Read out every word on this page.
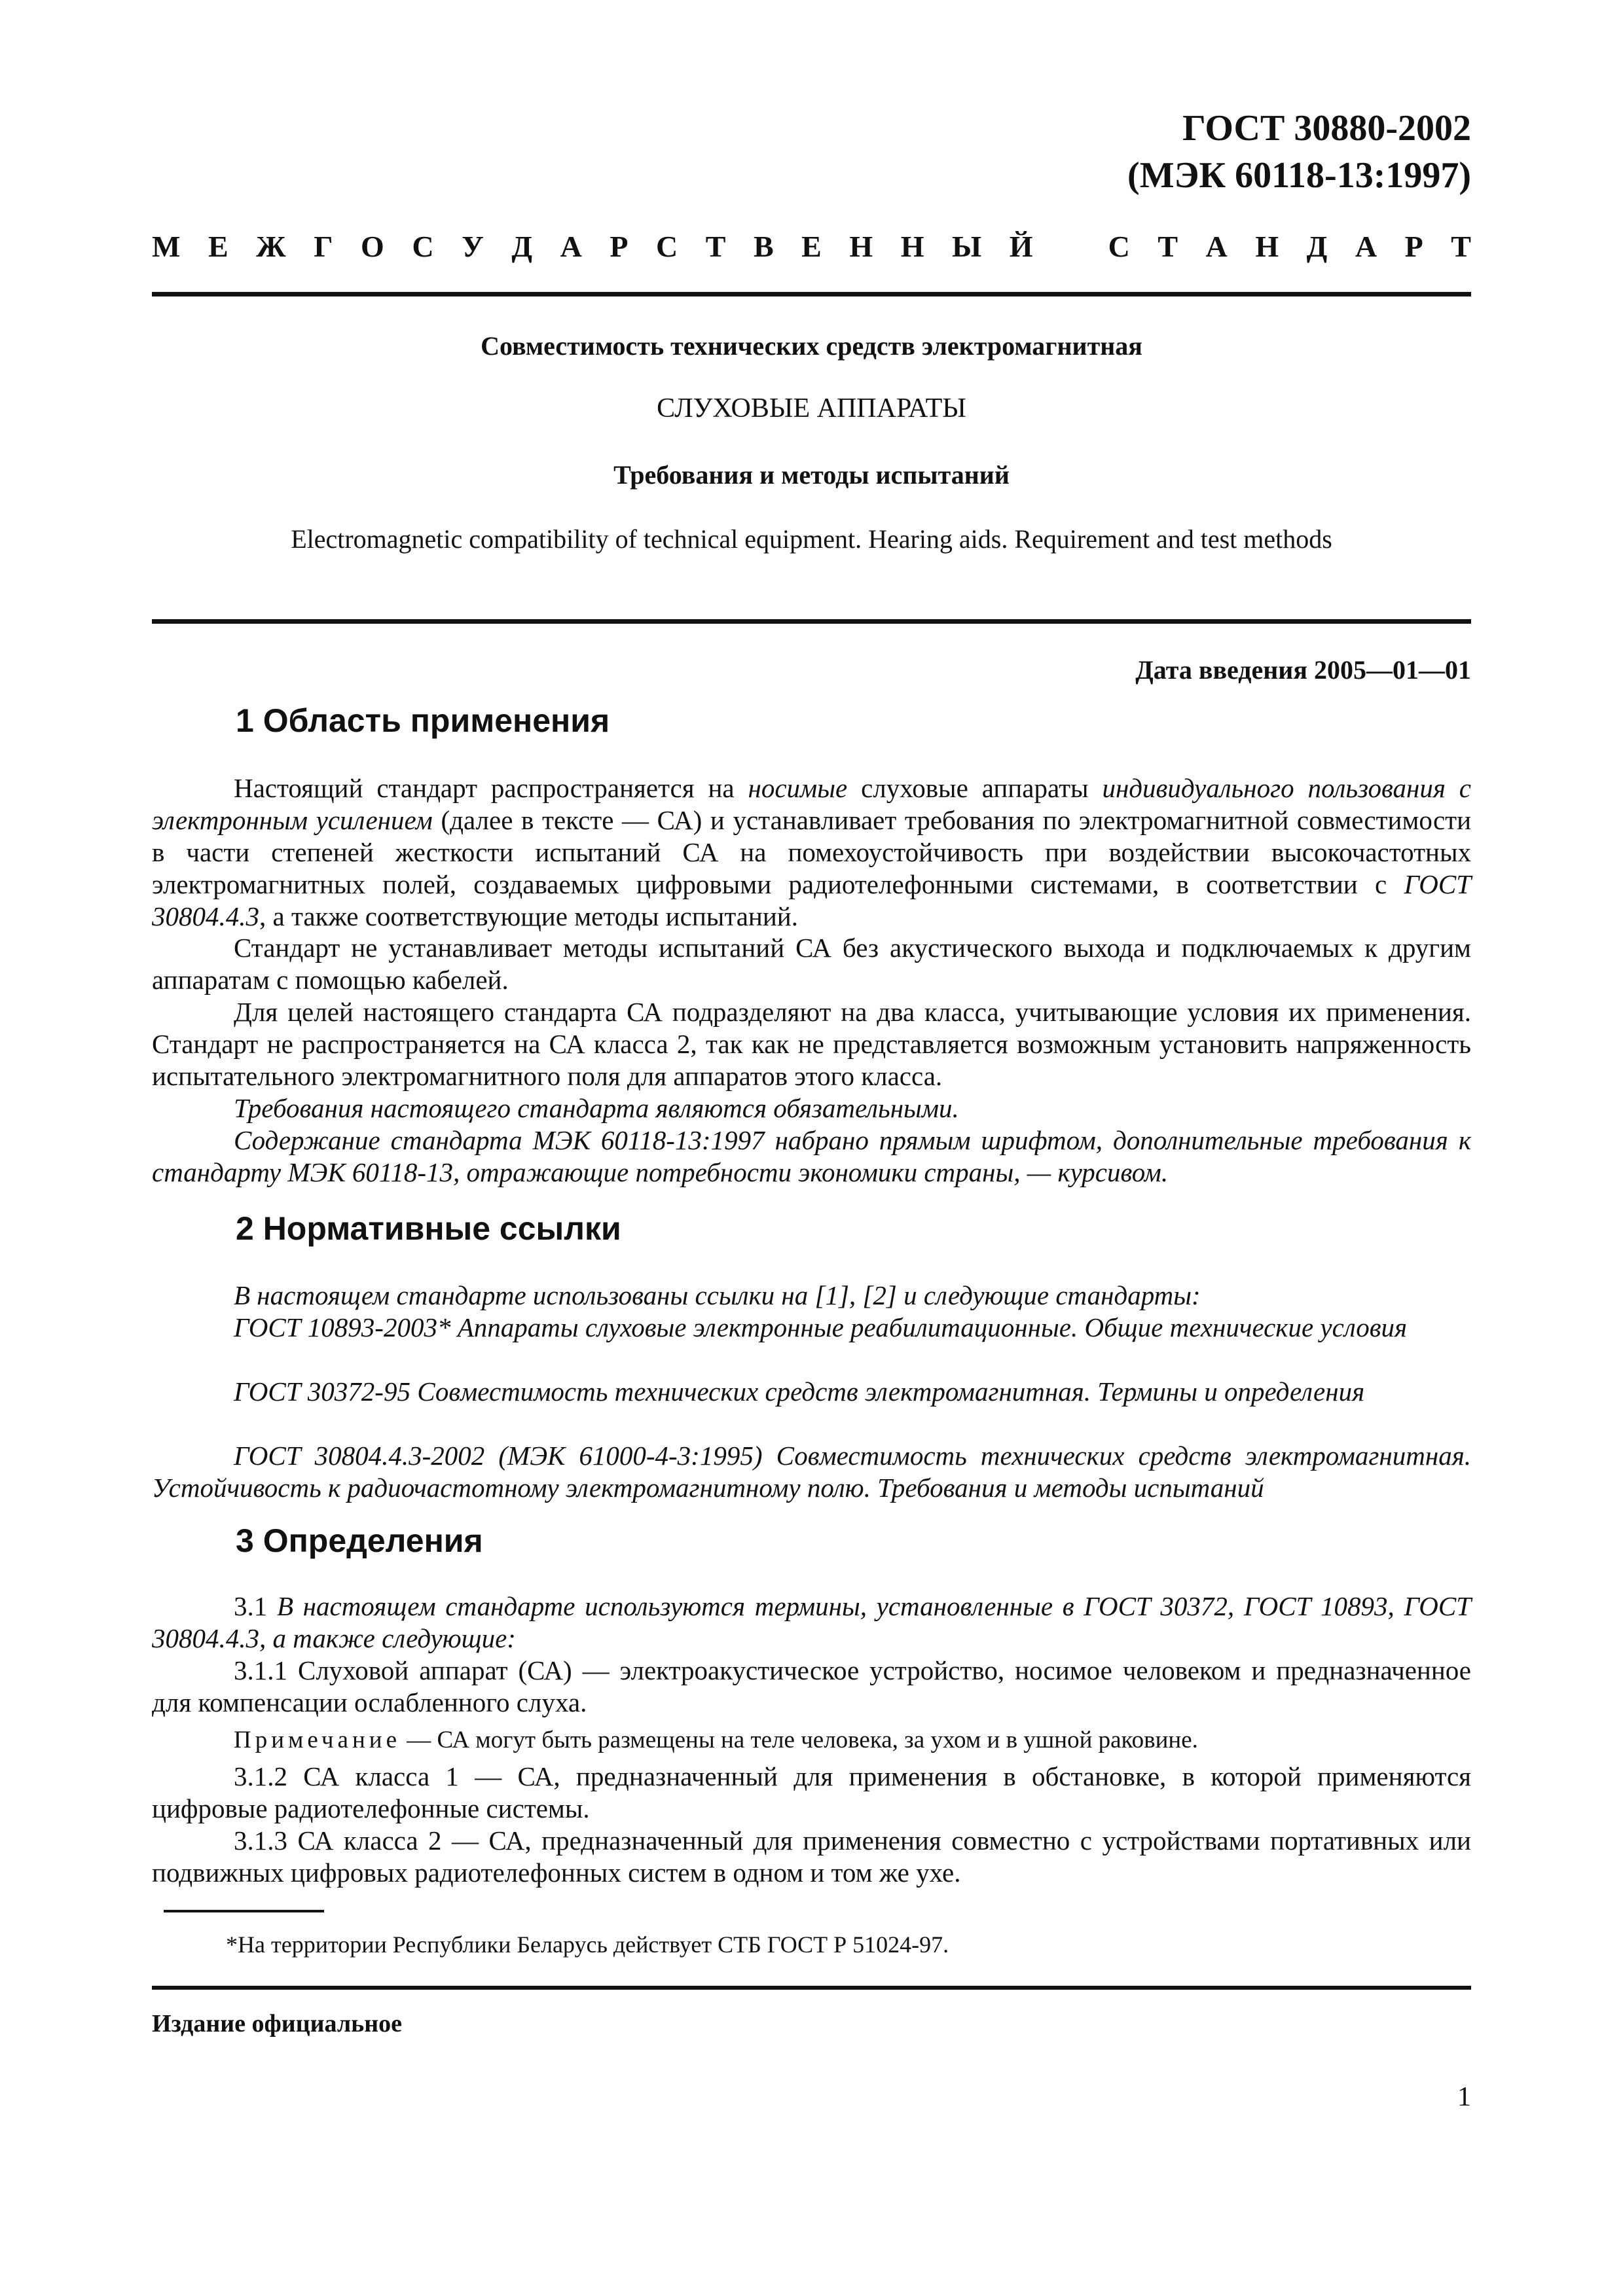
ГОСТ 30880-2002
(МЭК 60118-13:1997)
М Е Ж Г О С У Д А Р С Т В Е Н Н Ы Й	С Т А Н Д А Р Т
Совместимость технических средств электромагнитная
СЛУХОВЫЕ АППАРАТЫ
Требования и методы испытаний
Electromagnetic compatibility of technical equipment. Hearing aids. Requirement and test methods
Дата введения 2005—01—01
1 Область применения
Настоящий стандарт распространяется на носимые слуховые аппараты индивидуального пользования с электронным усилением (далее в тексте — СА) и устанавливает требования по электромагнитной совместимости в части степеней жесткости испытаний СА на помехоустойчивость при воздействии высокочастотных электромагнитных полей, создаваемых цифровыми радиотелефонными системами, в соответствии с ГОСТ 30804.4.3, а также соответствующие методы испытаний.
Стандарт не устанавливает методы испытаний СА без акустического выхода и подключаемых к другим аппаратам с помощью кабелей.
Для целей настоящего стандарта СА подразделяют на два класса, учитывающие условия их применения. Стандарт не распространяется на СА класса 2, так как не представляется возможным установить напряженность испытательного электромагнитного поля для аппаратов этого класса.
Требования настоящего стандарта являются обязательными.
Содержание стандарта МЭК 60118-13:1997 набрано прямым шрифтом, дополнительные требования к стандарту МЭК 60118-13, отражающие потребности экономики страны, — курсивом.
2 Нормативные ссылки
В настоящем стандарте использованы ссылки на [1], [2] и следующие стандарты:
ГОСТ 10893-2003* Аппараты слуховые электронные реабилитационные. Общие технические условия
ГОСТ 30372-95 Совместимость технических средств электромагнитная. Термины и определения
ГОСТ 30804.4.3-2002 (МЭК 61000-4-3:1995) Совместимость технических средств электромагнитная. Устойчивость к радиочастотному электромагнитному полю. Требования и методы испытаний
3 Определения
3.1 В настоящем стандарте используются термины, установленные в ГОСТ 30372, ГОСТ 10893, ГОСТ 30804.4.3, а также следующие:
3.1.1 Слуховой аппарат (СА) — электроакустическое устройство, носимое человеком и предназначенное для компенсации ослабленного слуха.
Примечание — СА могут быть размещены на теле человека, за ухом и в ушной раковине.
3.1.2 СА класса 1 — СА, предназначенный для применения в обстановке, в которой применяются цифровые радиотелефонные системы.
3.1.3 СА класса 2 — СА, предназначенный для применения совместно с устройствами портативных или подвижных цифровых радиотелефонных систем в одном и том же ухе.
*На территории Республики Беларусь действует СТБ ГОСТ Р 51024-97.
Издание официальное
1
